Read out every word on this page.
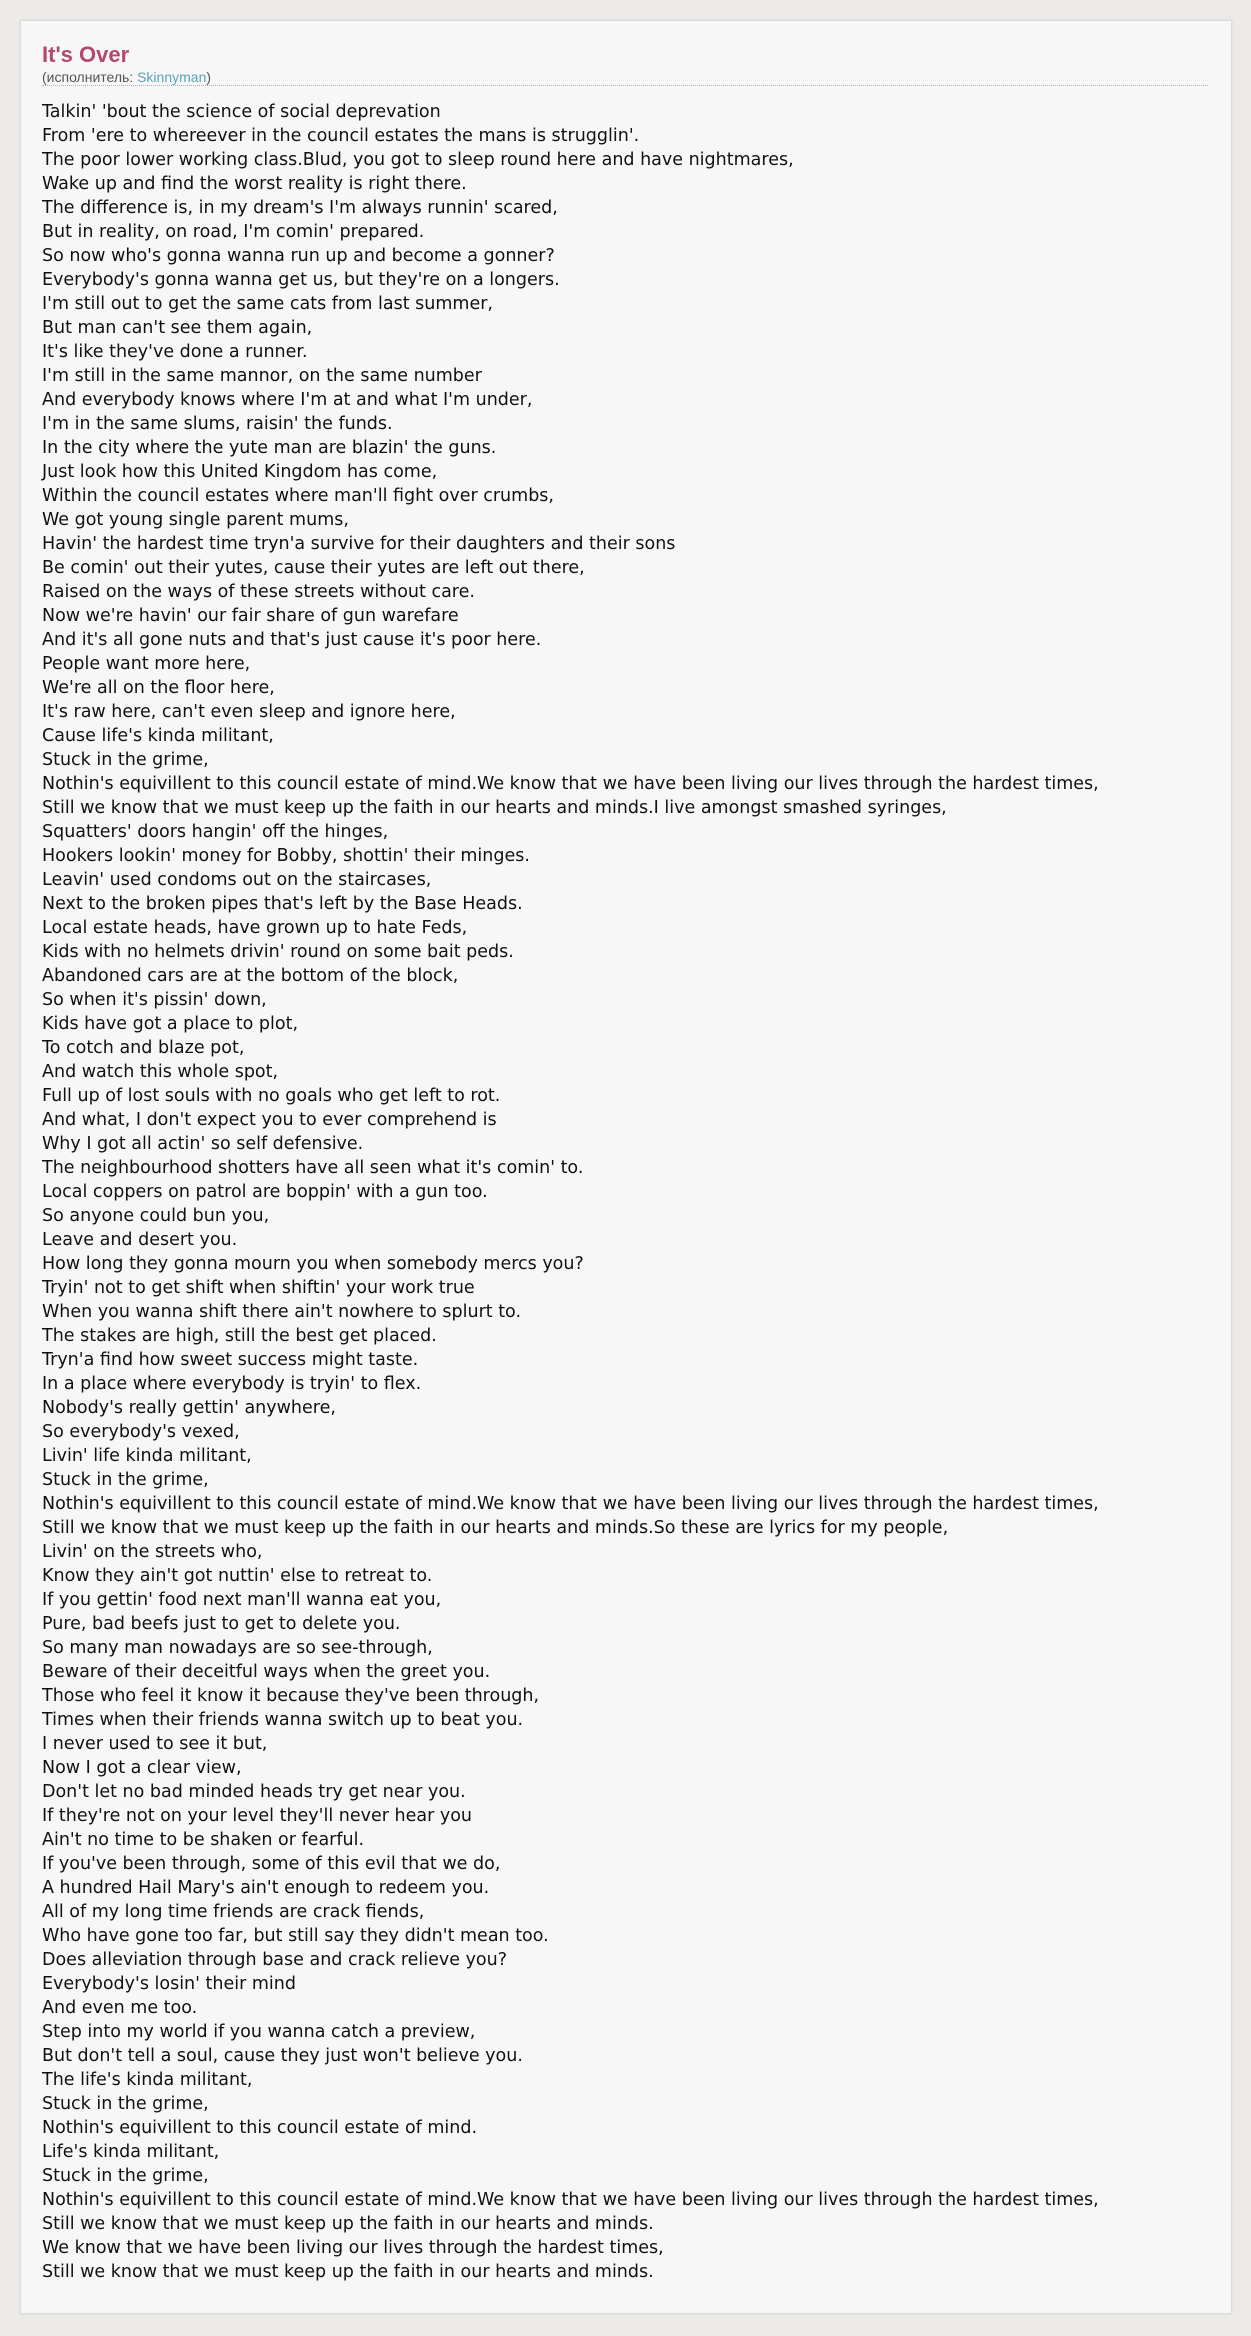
It's Over
(исполнитель: Skinnyman)
Talkin' 'bout the science of social deprevation
From 'ere to whereever in the council estates the mans is strugglin'.
The poor lower working class.Blud, you got to sleep round here and have nightmares,
Wake up and find the worst reality is right there.
The difference is, in my dream's I'm always runnin' scared,
But in reality, on road, I'm comin' prepared.
So now who's gonna wanna run up and become a gonner?
Everybody's gonna wanna get us, but they're on a longers.
I'm still out to get the same cats from last summer,
But man can't see them again,
It's like they've done a runner.
I'm still in the same mannor, on the same number
And everybody knows where I'm at and what I'm under,
I'm in the same slums, raisin' the funds.
In the city where the yute man are blazin' the guns.
Just look how this United Kingdom has come,
Within the council estates where man'll fight over crumbs,
We got young single parent mums,
Havin' the hardest time tryn'a survive for their daughters and their sons
Be comin' out their yutes, cause their yutes are left out there,
Raised on the ways of these streets without care.
Now we're havin' our fair share of gun warefare
And it's all gone nuts and that's just cause it's poor here.
People want more here,
We're all on the floor here,
It's raw here, can't even sleep and ignore here,
Cause life's kinda militant,
Stuck in the grime,
Nothin's equivillent to this council estate of mind.We know that we have been living our lives through the hardest times,
Still we know that we must keep up the faith in our hearts and minds.I live amongst smashed syringes,
Squatters' doors hangin' off the hinges,
Hookers lookin' money for Bobby, shottin' their minges.
Leavin' used condoms out on the staircases,
Next to the broken pipes that's left by the Base Heads.
Local estate heads, have grown up to hate Feds,
Kids with no helmets drivin' round on some bait peds.
Abandoned cars are at the bottom of the block,
So when it's pissin' down,
Kids have got a place to plot,
To cotch and blaze pot,
And watch this whole spot,
Full up of lost souls with no goals who get left to rot.
And what, I don't expect you to ever comprehend is
Why I got all actin' so self defensive.
The neighbourhood shotters have all seen what it's comin' to.
Local coppers on patrol are boppin' with a gun too.
So anyone could bun you,
Leave and desert you.
How long they gonna mourn you when somebody mercs you?
Tryin' not to get shift when shiftin' your work true
When you wanna shift there ain't nowhere to splurt to.
The stakes are high, still the best get placed.
Tryn'a find how sweet success might taste.
In a place where everybody is tryin' to flex.
Nobody's really gettin' anywhere,
So everybody's vexed,
Livin' life kinda militant,
Stuck in the grime,
Nothin's equivillent to this council estate of mind.We know that we have been living our lives through the hardest times,
Still we know that we must keep up the faith in our hearts and minds.So these are lyrics for my people,
Livin' on the streets who,
Know they ain't got nuttin' else to retreat to.
If you gettin' food next man'll wanna eat you,
Pure, bad beefs just to get to delete you.
So many man nowadays are so see-through,
Beware of their deceitful ways when the greet you.
Those who feel it know it because they've been through,
Times when their friends wanna switch up to beat you.
I never used to see it but,
Now I got a clear view,
Don't let no bad minded heads try get near you.
If they're not on your level they'll never hear you
Ain't no time to be shaken or fearful.
If you've been through, some of this evil that we do,
A hundred Hail Mary's ain't enough to redeem you.
All of my long time friends are crack fiends,
Who have gone too far, but still say they didn't mean too.
Does alleviation through base and crack relieve you?
Everybody's losin' their mind
And even me too.
Step into my world if you wanna catch a preview,
But don't tell a soul, cause they just won't believe you.
The life's kinda militant,
Stuck in the grime,
Nothin's equivillent to this council estate of mind.
Life's kinda militant,
Stuck in the grime,
Nothin's equivillent to this council estate of mind.We know that we have been living our lives through the hardest times,
Still we know that we must keep up the faith in our hearts and minds.
We know that we have been living our lives through the hardest times,
Still we know that we must keep up the faith in our hearts and minds.
